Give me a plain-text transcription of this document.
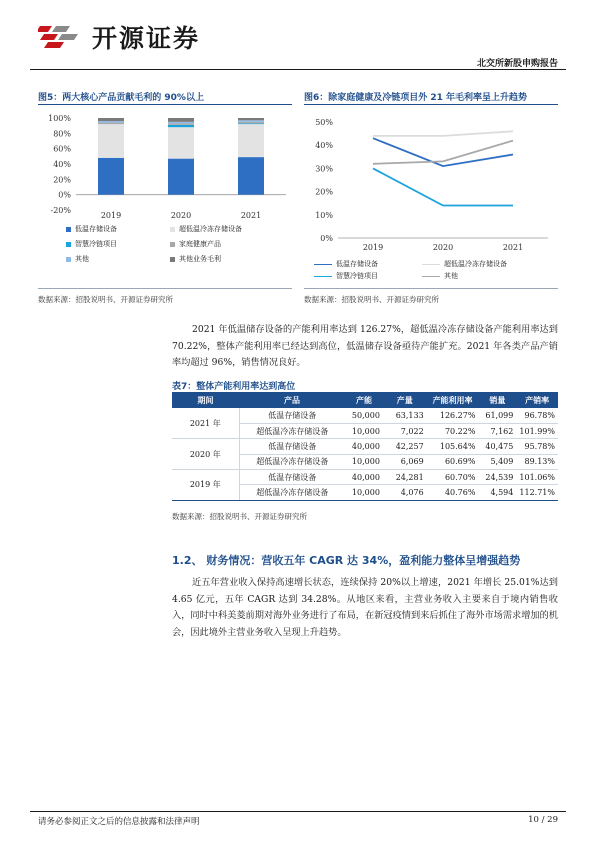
开源证券
北交所新股申购报告
图5：两大核心产品贡献毛利的 90%以上
100%
80%
60%
40%
20%
0%
-20%
2019	2020	2021
低温存储设备	超低温冷冻存储设备
智慧冷链项目	家庭健康产品
其他	其他业务毛利
数据来源：招股说明书、开源证券研究所
图6：除家庭健康及冷链项目外 21 年毛利率呈上升趋势
50%
40%
30%
20%
10%
0%
2019	2020	2021
低温存储设备	超低温冷冻存储设备
智慧冷链项目	其他
数据来源：招股说明书、开源证券研究所

2021 年低温储存设备的产能利用率达到 126.27%，超低温冷冻存储设备产能利用率达到 70.22%，整体产能利用率已经达到高位，低温储存设备亟待产能扩充。2021 年各类产品产销率均超过 96%，销售情况良好。

表7：整体产能利用率达到高位
期间	产品	产能	产量	产能利用率	销量	产销率
2021 年	低温存储设备	50,000	63,133	126.27%	61,099	96.78%
	超低温冷冻存储设备	10,000	7,022	70.22%	7,162	101.99%
2020 年	低温存储设备	40,000	42,257	105.64%	40,475	95.78%
	超低温冷冻存储设备	10,000	6,069	60.69%	5,409	89.13%
2019 年	低温存储设备	40,000	24,281	60.70%	24,539	101.06%
	超低温冷冻存储设备	10,000	4,076	40.76%	4,594	112.71%
数据来源：招股说明书、开源证券研究所
1.2、 财务情况：营收五年 CAGR 达 34%，盈利能力整体呈增强趋势

近五年营业收入保持高速增长状态，连续保持 20%以上增速，2021 年增长 25.01%达到 4.65 亿元，五年 CAGR 达到 34.28%。从地区来看，主营业务收入主要来自于境内销售收入，同时中科美菱前期对海外业务进行了布局，在新冠疫情到来后抓住了海外市场需求增加的机会，因此境外主营业务收入呈现上升趋势。

请务必参阅正文之后的信息披露和法律声明	10 / 29
